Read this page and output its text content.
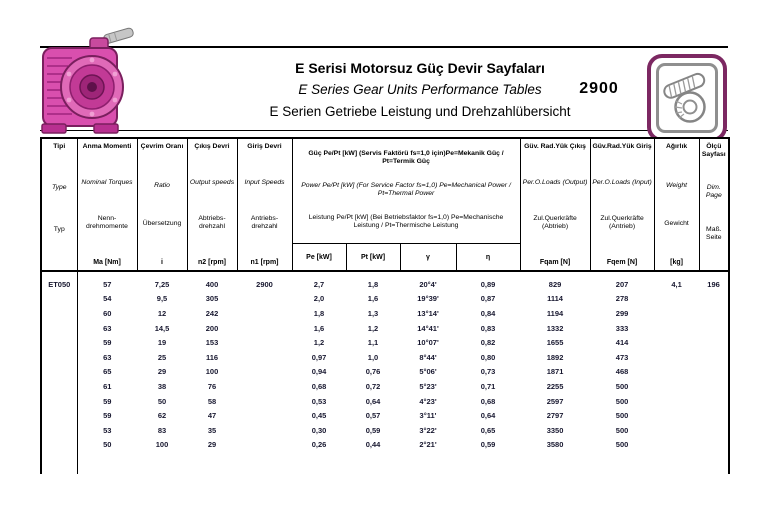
E Serisi Motorsuz Güç Devir Sayfaları
E Series Gear Units Performance Tables
E Serien Getriebe Leistung und Drehzahlübersicht
2900
Tipi
Type
Typ

Anma Momenti
Nominal Torques
Nenn-drehmomente
Ma [Nm]

Çevrim Oranı
Ratio
Übersetzung
i

Çıkış Devri
Output speeds
Abtriebs-drehzahl
n2 [rpm]

Giriş Devri
Input Speeds
Antriebs-drehzahl
n1 [rpm]

Güç Pe/Pt [kW] (Servis Faktörü fs=1,0 için)Pe=Mekanik Güç / Pt=Termik Güç
Power Pe/Pt [kW] (For Service Factor fs=1,0) Pe=Mechanical Power / Pt=Thermal Power
Leistung Pe/Pt [kW] (Bei Betriebsfaktor fs=1,0) Pe=Mechanische Leistung / Pt=Thermische Leistung

Güv. Rad.Yük Çıkış
Per.O.Loads (Output)
Zul.Querkräfte (Abtrieb)
Fqam [N]

Güv.Rad.Yük Giriş
Per.O.Loads (Input)
Zul.Querkräfte (Antrieb)
Fqem [N]

Ağırlık
Weight
Gewicht
[kg]

Ölçü Sayfası
Dim. Page
Maß. Seite

					Pe [kW]	Pt [kW]	γ	η				
ET050	57	7,25	400	2900	2,7	1,8	20°4'	0,89	829	207	4,1	196
	54	9,5	305		2,0	1,6	19°39'	0,87	1114	278		
	60	12	242		1,8	1,3	13°14'	0,84	1194	299		
	63	14,5	200		1,6	1,2	14°41'	0,83	1332	333		
	59	19	153		1,2	1,1	10°07'	0,82	1655	414		
	63	25	116		0,97	1,0	8°44'	0,80	1892	473		
	65	29	100		0,94	0,76	5°06'	0,73	1871	468		
	61	38	76		0,68	0,72	5°23'	0,71	2255	500		
	59	50	58		0,53	0,64	4°23'	0,68	2597	500		
	59	62	47		0,45	0,57	3°11'	0,64	2797	500		
	53	83	35		0,30	0,59	3°22'	0,65	3350	500		
	50	100	29		0,26	0,44	2°21'	0,59	3580	500		
